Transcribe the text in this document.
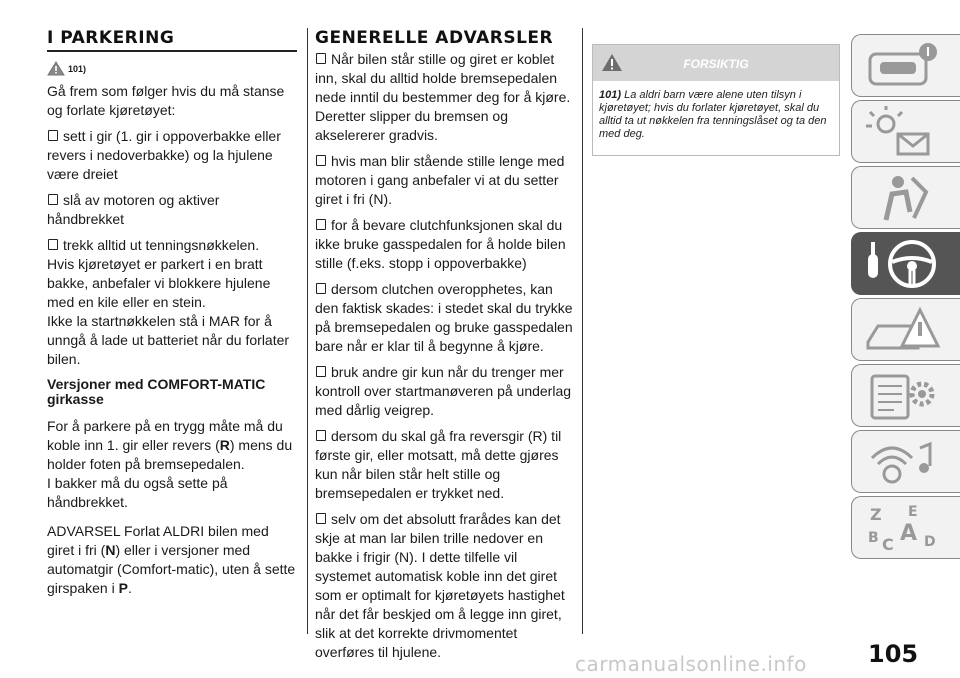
I PARKERING
101)

Gå frem som følger hvis du må stanse og forlate kjøretøyet:

sett i gir (1. gir i oppoverbakke eller revers i nedoverbakke) og la hjulene være dreiet

slå av motoren og aktiver håndbrekket

trekk alltid ut tenningsnøkkelen.

Hvis kjøretøyet er parkert i en bratt bakke, anbefaler vi blokkere hjulene med en kile eller en stein.

Ikke la startnøkkelen stå i MAR for å unngå å lade ut batteriet når du forlater bilen.

Versjoner med COMFORT-MATIC girkasse

For å parkere på en trygg måte må du koble inn 1. gir eller revers (R) mens du holder foten på bremsepedalen.

I bakker må du også sette på håndbrekket.

ADVARSEL Forlat ALDRI bilen med giret i fri (N) eller i versjoner med automatgir (Comfort-matic), uten å sette girspaken i P.

GENERELLE ADVARSLER

Når bilen står stille og giret er koblet inn, skal du alltid holde bremsepedalen nede inntil du bestemmer deg for å kjøre. Deretter slipper du bremsen og akselererer gradvis.

hvis man blir stående stille lenge med motoren i gang anbefaler vi at du setter giret i fri (N).

for å bevare clutchfunksjonen skal du ikke bruke gasspedalen for å holde bilen stille (f.eks. stopp i oppoverbakke)

dersom clutchen overopphetes, kan den faktisk skades: i stedet skal du trykke på bremsepedalen og bruke gasspedalen bare når er klar til å begynne å kjøre.

bruk andre gir kun når du trenger mer kontroll over startmanøveren på underlag med dårlig veigrep.

dersom du skal gå fra reversgir (R) til første gir, eller motsatt, må dette gjøres kun når bilen står helt stille og bremsepedalen er trykket ned.

selv om det absolutt frarådes kan det skje at man lar bilen trille nedover en bakke i frigir (N). I dette tilfelle vil systemet automatisk koble inn det giret som er optimalt for kjøretøyets hastighet når det får beskjed om å legge inn giret, slik at det korrekte drivmomentet overføres til hjulene.

FORSIKTIG
101) La aldri barn være alene uten tilsyn i kjøretøyet; hvis du forlater kjøretøyet, skal du alltid ta ut nøkkelen fra tenningslåset og ta den med deg.
Z E
B A
C D
105
carmanualsonline.info
